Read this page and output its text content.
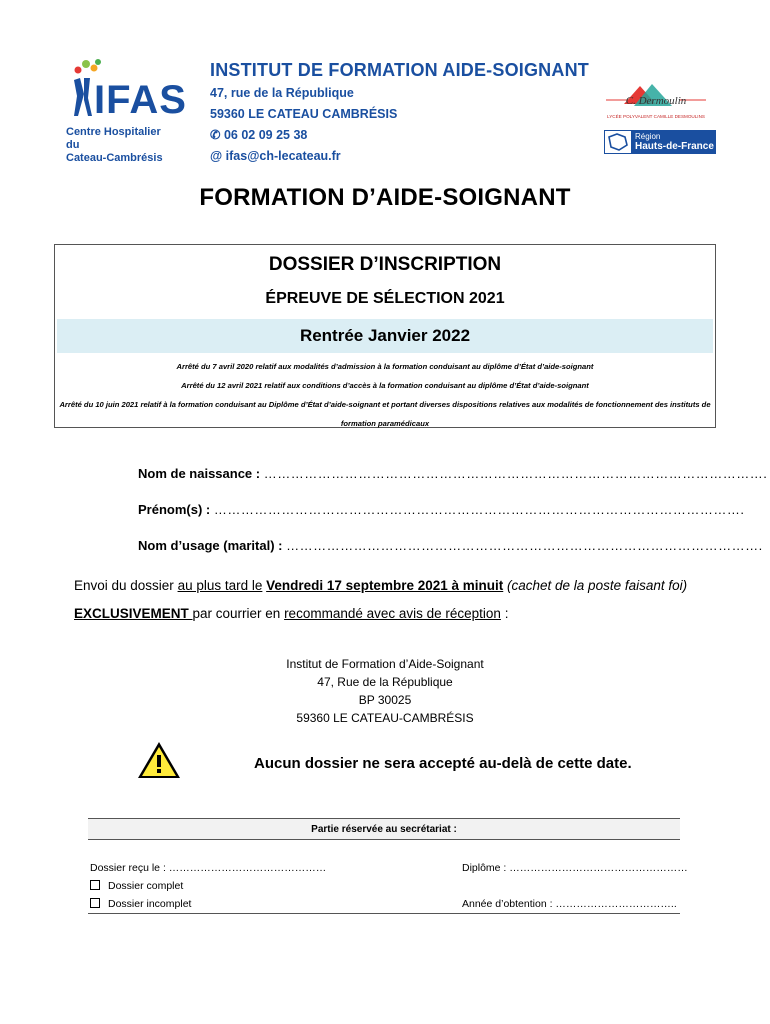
IFAS
Centre Hospitalier du
Cateau-Cambrésis
INSTITUT DE FORMATION AIDE-SOIGNANT
47, rue de la République
59360 LE CATEAU CAMBRÉSIS
✆ 06 02 09 25 38
@ ifas@ch-lecateau.fr
C. Dermoulin
LYCÉE POLYVALENT CAMILLE DESMOULINS
Région
Hauts-de-France
FORMATION D’AIDE-SOIGNANT
DOSSIER D’INSCRIPTION
ÉPREUVE DE SÉLECTION 2021
Rentrée Janvier 2022
Arrêté du 7 avril 2020 relatif aux modalités d’admission à la formation conduisant au diplôme d’État d’aide-soignant
Arrêté du 12 avril 2021 relatif aux conditions d’accès à la formation conduisant au diplôme d’État d’aide-soignant
Arrêté du 10 juin 2021 relatif à la formation conduisant au Diplôme d’État d’aide-soignant et portant diverses dispositions relatives aux modalités de fonctionnement des instituts de formation paramédicaux
Nom de naissance : ………………………………………………………………………………………………….
Prénom(s) : ……………………………………………………………………………………………………….
Nom d’usage (marital) : …………………………………………………………………………………………….
Envoi du dossier au plus tard le Vendredi 17 septembre 2021 à minuit (cachet de la poste faisant foi)
EXCLUSIVEMENT par courrier en recommandé avec avis de réception :
Institut de Formation d’Aide-Soignant
47, Rue de la République
BP 30025
59360 LE CATEAU-CAMBRÉSIS
Aucun dossier ne sera accepté au-delà de cette date.
Partie réservée au secrétariat :
Dossier reçu le : ………………………………………
Dossier complet
Dossier incomplet
Diplôme : ……………………………………………
Année d’obtention : ……………………………..
